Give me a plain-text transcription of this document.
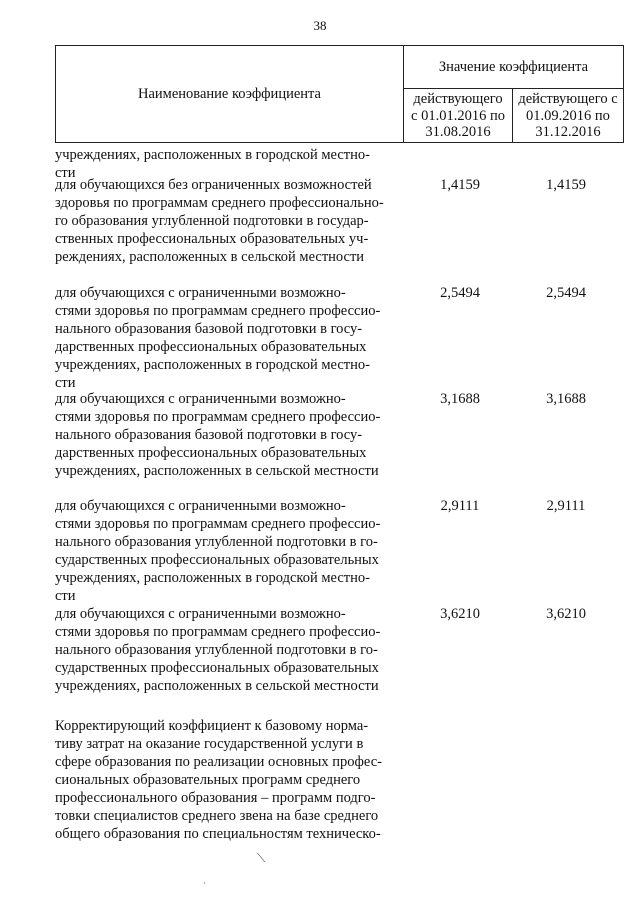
38
Наименование коэффициента
Значение коэффициента
действующего
с 01.01.2016 по
31.08.2016
действующего с
01.09.2016 по
31.12.2016
учреждениях, расположенных в городской местно-
сти
для обучающихся без ограниченных возможностей
здоровья по программам среднего профессионально-
го образования углубленной подготовки в государ-
ственных профессиональных образовательных уч-
реждениях, расположенных в сельской местности
1,4159	1,4159
для обучающихся с ограниченными возможно-
стями здоровья по программам среднего профессио-
нального образования базовой подготовки в госу-
дарственных профессиональных образовательных
учреждениях, расположенных в городской местно-
сти
2,5494	2,5494
для обучающихся с ограниченными возможно-
стями здоровья по программам среднего профессио-
нального образования базовой подготовки в госу-
дарственных профессиональных образовательных
учреждениях, расположенных в сельской местности
3,1688	3,1688
для обучающихся с ограниченными возможно-
стями здоровья по программам среднего профессио-
нального образования углубленной подготовки в го-
сударственных профессиональных образовательных
учреждениях, расположенных в городской местно-
сти
2,9111	2,9111
для обучающихся с ограниченными возможно-
стями здоровья по программам среднего профессио-
нального образования углубленной подготовки в го-
сударственных профессиональных образовательных
учреждениях, расположенных в сельской местности
3,6210	3,6210
Корректирующий коэффициент к базовому норма-
тиву затрат на оказание государственной услуги в
сфере образования по реализации основных профес-
сиональных образовательных программ среднего
профессионального образования – программ подго-
товки специалистов среднего звена на базе среднего
общего образования по специальностям техническо-
⟍
·
